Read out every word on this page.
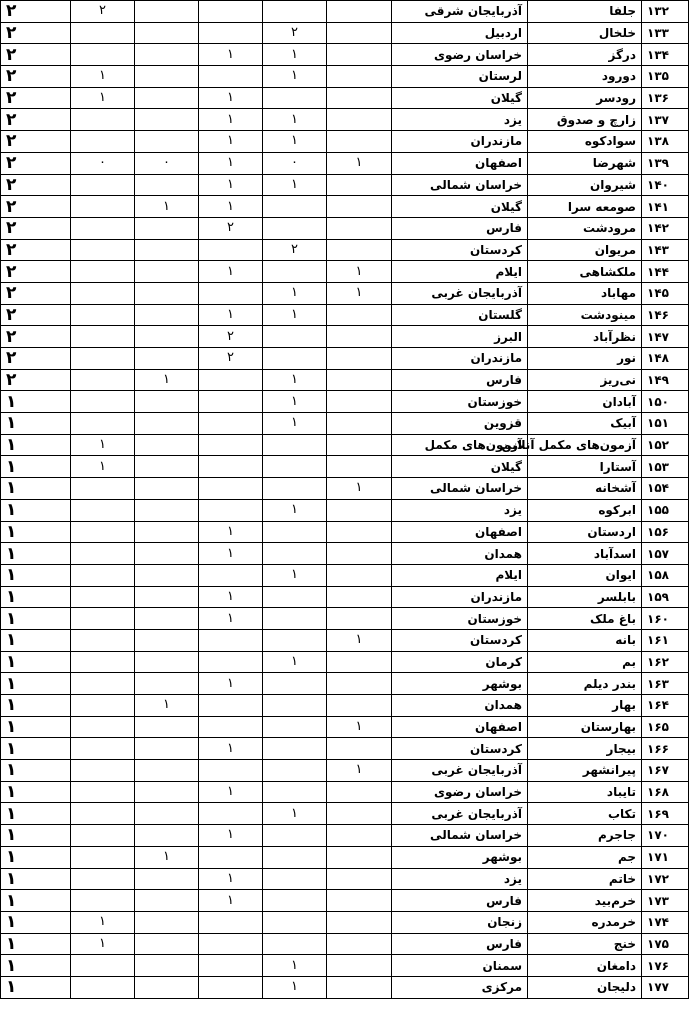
۲	۲					آذربایجان شرقی	جلفا	۱۳۲
۲				۲		اردبیل	خلخال	۱۳۳
۲			۱	۱		خراسان رضوی	درگز	۱۳۴
۲	۱			۱		لرستان	دورود	۱۳۵
۲	۱		۱			گیلان	رودسر	۱۳۶
۲			۱	۱		یزد	زارچ و صدوق	۱۳۷
۲			۱	۱		مازندران	سوادکوه	۱۳۸
۲	۰	۰	۱	۰	۱	اصفهان	شهرضا	۱۳۹
۲			۱	۱		خراسان شمالی	شیروان	۱۴۰
۲		۱	۱			گیلان	صومعه سرا	۱۴۱
۲			۲			فارس	مرودشت	۱۴۲
۲				۲		کردستان	مریوان	۱۴۳
۲			۱		۱	ایلام	ملکشاهی	۱۴۴
۲				۱	۱	آذربایجان غربی	مهاباد	۱۴۵
۲			۱	۱		گلستان	مینودشت	۱۴۶
۲			۲			البرز	نظرآباد	۱۴۷
۲			۲			مازندران	نور	۱۴۸
۲		۱		۱		فارس	نی‌ریز	۱۴۹
۱				۱		خوزستان	آبادان	۱۵۰
۱				۱		قزوین	آبیک	۱۵۱
۱	۱					آزمون‌های مکمل	آزمون‌های مکمل آنلاین	۱۵۲
۱	۱					گیلان	آستارا	۱۵۳
۱					۱	خراسان شمالی	آشخانه	۱۵۴
۱				۱		یزد	ابرکوه	۱۵۵
۱			۱			اصفهان	اردستان	۱۵۶
۱			۱			همدان	اسدآباد	۱۵۷
۱				۱		ایلام	ایوان	۱۵۸
۱			۱			مازندران	بابلسر	۱۵۹
۱			۱			خوزستان	باغ ملک	۱۶۰
۱					۱	کردستان	بانه	۱۶۱
۱				۱		کرمان	بم	۱۶۲
۱			۱			بوشهر	بندر دیلم	۱۶۳
۱		۱				همدان	بهار	۱۶۴
۱					۱	اصفهان	بهارستان	۱۶۵
۱			۱			کردستان	بیجار	۱۶۶
۱					۱	آذربایجان غربی	پیرانشهر	۱۶۷
۱			۱			خراسان رضوی	تایباد	۱۶۸
۱				۱		آذربایجان غربی	تکاب	۱۶۹
۱			۱			خراسان شمالی	جاجرم	۱۷۰
۱		۱				بوشهر	جم	۱۷۱
۱			۱			یزد	خاتم	۱۷۲
۱			۱			فارس	خرم‌بید	۱۷۳
۱	۱					زنجان	خرمدره	۱۷۴
۱	۱					فارس	خنج	۱۷۵
۱				۱		سمنان	دامغان	۱۷۶
۱				۱		مرکزی	دلیجان	۱۷۷
